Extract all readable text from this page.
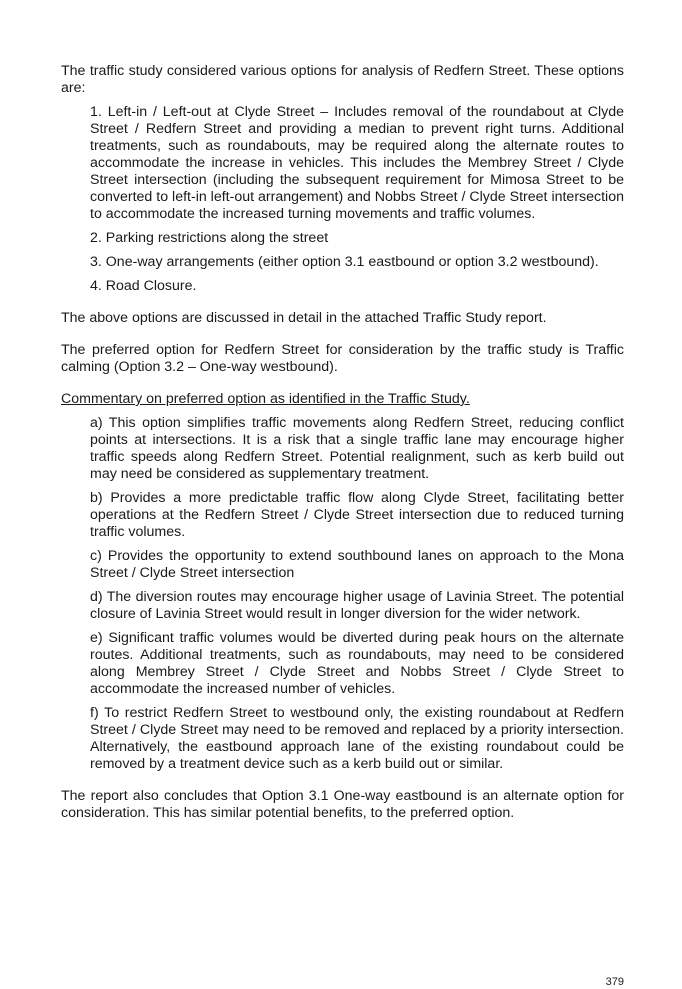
The traffic study considered various options for analysis of Redfern Street. These options are:

1. Left-in / Left-out at Clyde Street – Includes removal of the roundabout at Clyde Street / Redfern Street and providing a median to prevent right turns. Additional treatments, such as roundabouts, may be required along the alternate routes to accommodate the increase in vehicles. This includes the Membrey Street / Clyde Street intersection (including the subsequent requirement for Mimosa Street to be converted to left-in left-out arrangement) and Nobbs Street / Clyde Street intersection to accommodate the increased turning movements and traffic volumes.
2. Parking restrictions along the street
3. One-way arrangements (either option 3.1 eastbound or option 3.2 westbound).
4. Road Closure.

The above options are discussed in detail in the attached Traffic Study report.

The preferred option for Redfern Street for consideration by the traffic study is Traffic calming (Option 3.2 – One-way westbound).

Commentary on preferred option as identified in the Traffic Study.

a) This option simplifies traffic movements along Redfern Street, reducing conflict points at intersections. It is a risk that a single traffic lane may encourage higher traffic speeds along Redfern Street. Potential realignment, such as kerb build out may need be considered as supplementary treatment.
b) Provides a more predictable traffic flow along Clyde Street, facilitating better operations at the Redfern Street / Clyde Street intersection due to reduced turning traffic volumes.
c) Provides the opportunity to extend southbound lanes on approach to the Mona Street / Clyde Street intersection
d) The diversion routes may encourage higher usage of Lavinia Street. The potential closure of Lavinia Street would result in longer diversion for the wider network.
e) Significant traffic volumes would be diverted during peak hours on the alternate routes. Additional treatments, such as roundabouts, may need to be considered along Membrey Street / Clyde Street and Nobbs Street / Clyde Street to accommodate the increased number of vehicles.
f) To restrict Redfern Street to westbound only, the existing roundabout at Redfern Street / Clyde Street may need to be removed and replaced by a priority intersection. Alternatively, the eastbound approach lane of the existing roundabout could be removed by a treatment device such as a kerb build out or similar.

The report also concludes that Option 3.1 One-way eastbound is an alternate option for consideration. This has similar potential benefits, to the preferred option.

379
